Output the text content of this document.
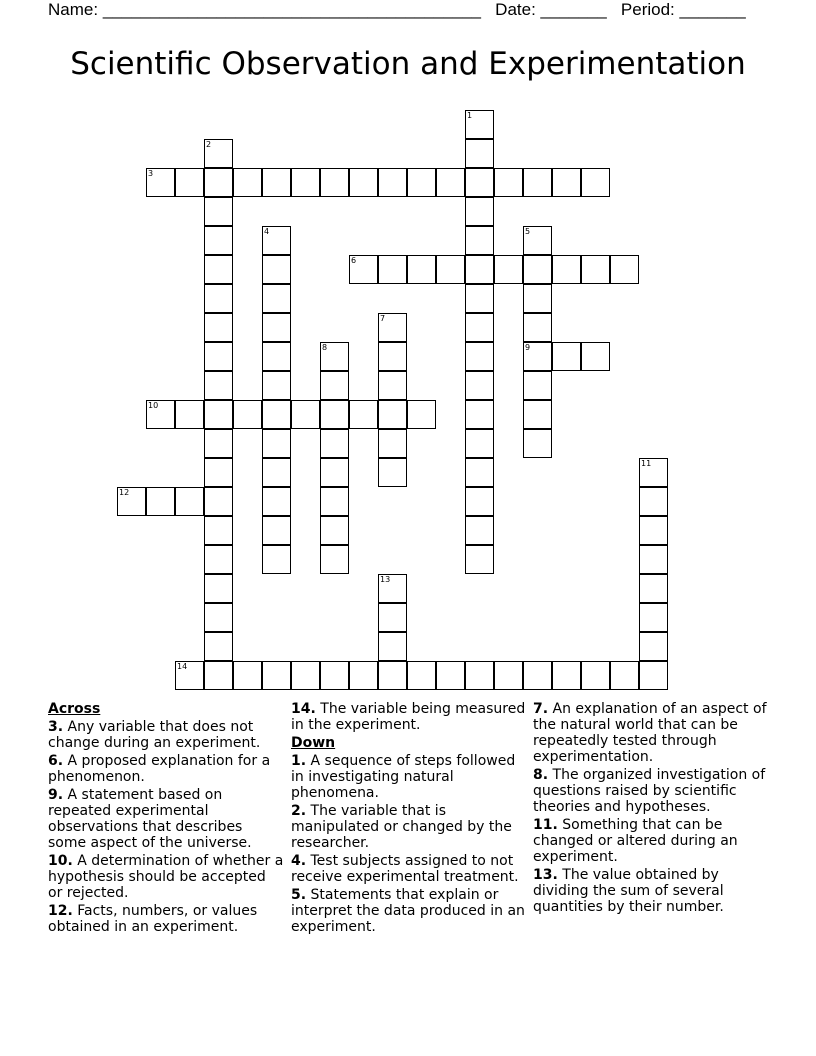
Name: ________________________________________ Date: _______ Period: _______
Scientific Observation and Experimentation
1
2
3
4	5
9
6
7
8
10
11
12
13
14
Across
3. Any variable that does not change during an experiment.
6. A proposed explanation for a phenomenon.
9. A statement based on repeated experimental observations that describes some aspect of the universe.
10. A determination of whether a hypothesis should be accepted or rejected.
12. Facts, numbers, or values obtained in an experiment.
14. The variable being measured in the experiment.
Down
1. A sequence of steps followed in investigating natural phenomena.
2. The variable that is manipulated or changed by the researcher.
4. Test subjects assigned to not receive experimental treatment.
5. Statements that explain or interpret the data produced in an experiment.
7. An explanation of an aspect of the natural world that can be repeatedly tested through experimentation.
8. The organized investigation of questions raised by scientific theories and hypotheses.
11. Something that can be changed or altered during an experiment.
13. The value obtained by dividing the sum of several quantities by their number.
